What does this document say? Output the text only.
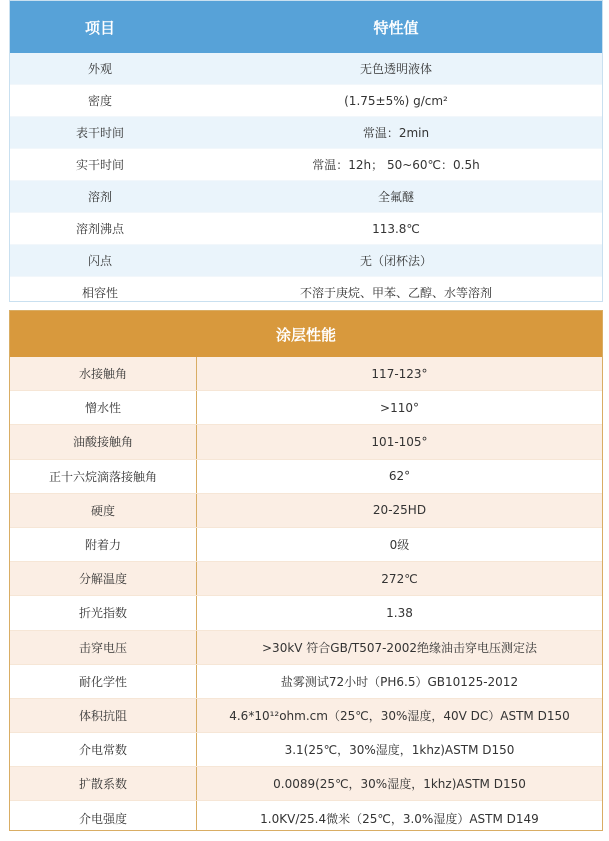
项目	特性值
外观	无色透明液体
密度	(1.75±5%) g/cm²
表干时间	常温：2min
实干时间	常温：12h； 50~60℃：0.5h
溶剂	全氟醚
溶剂沸点	113.8℃
闪点	无（闭杯法）
相容性	不溶于庚烷、甲苯、乙醇、水等溶剂
涂层性能
水接触角	117-123°
憎水性	>110°
油酸接触角	101-105°
正十六烷滴落接触角	62°
硬度	20-25HD
附着力	0级
分解温度	272℃
折光指数	1.38
击穿电压	>30kV 符合GB/T507-2002绝缘油击穿电压测定法
耐化学性	盐雾测试72小时（PH6.5）GB10125-2012
体积抗阻	4.6*10¹²ohm.cm（25℃，30%湿度，40V DC）ASTM D150
介电常数	3.1(25℃，30%湿度，1khz)ASTM D150
扩散系数	0.0089(25℃，30%湿度，1khz)ASTM D150
介电强度	1.0KV/25.4微米（25℃，3.0%湿度）ASTM D149
